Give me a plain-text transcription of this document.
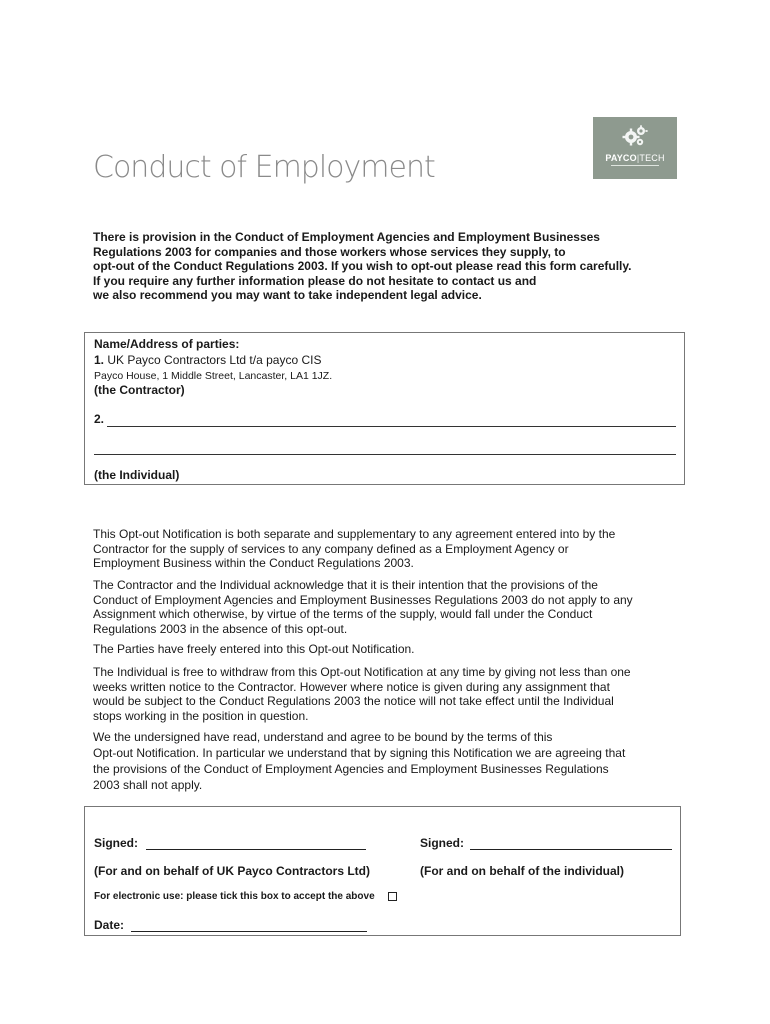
PAYCO|TECH
Conduct of Employment

There is provision in the Conduct of Employment Agencies and Employment Businesses

Regulations 2003 for companies and those workers whose services they supply, to

opt-out of the Conduct Regulations 2003. If you wish to opt-out please read this form carefully.

If you require any further information please do not hesitate to contact us and

we also recommend you may want to take independent legal advice.

Name/Address of parties:
1. UK Payco Contractors Ltd t/a payco CIS
Payco House, 1 Middle Street, Lancaster, LA1 1JZ.
(the Contractor)
2.
(the Individual)

This Opt-out Notification is both separate and supplementary to any agreement entered into by the
Contractor for the supply of services to any company defined as a Employment Agency or
Employment Business within the Conduct Regulations 2003.

The Contractor and the Individual acknowledge that it is their intention that the provisions of the
Conduct of Employment Agencies and Employment Businesses Regulations 2003 do not apply to any
Assignment which otherwise, by virtue of the terms of the supply, would fall under the Conduct
Regulations 2003 in the absence of this opt-out.

The Parties have freely entered into this Opt-out Notification.

The Individual is free to withdraw from this Opt-out Notification at any time by giving not less than one
weeks written notice to the Contractor. However where notice is given during any assignment that
would be subject to the Conduct Regulations 2003 the notice will not take effect until the Individual
stops working in the position in question.

We the undersigned have read, understand and agree to be bound by the terms of this
Opt-out Notification. In particular we understand that by signing this Notification we are agreeing that
the provisions of the Conduct of Employment Agencies and Employment Businesses Regulations
2003 shall not apply.

Signed:	Signed:
(For and on behalf of UK Payco Contractors Ltd)	(For and on behalf of the individual)
For electronic use: please tick this box to accept the above
Date:
